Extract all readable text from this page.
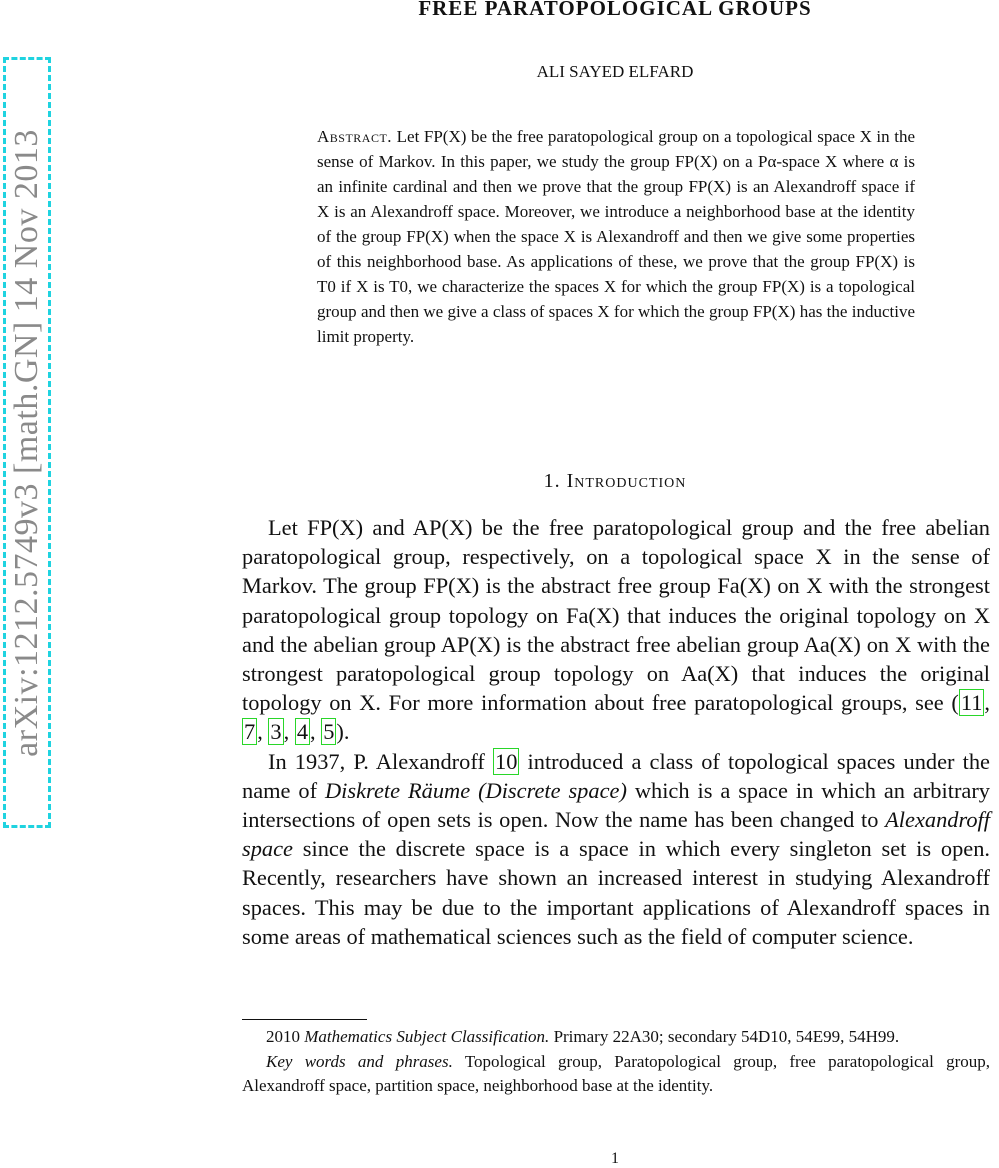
arXiv:1212.5749v3 [math.GN] 14 Nov 2013
FREE PARATOPOLOGICAL GROUPS
ALI SAYED ELFARD
Abstract. Let FP(X) be the free paratopological group on a topological space X in the sense of Markov. In this paper, we study the group FP(X) on a Pα-space X where α is an infinite cardinal and then we prove that the group FP(X) is an Alexandroff space if X is an Alexandroff space. Moreover, we introduce a neighborhood base at the identity of the group FP(X) when the space X is Alexandroff and then we give some properties of this neighborhood base. As applications of these, we prove that the group FP(X) is T0 if X is T0, we characterize the spaces X for which the group FP(X) is a topological group and then we give a class of spaces X for which the group FP(X) has the inductive limit property.
1. Introduction

Let FP(X) and AP(X) be the free paratopological group and the free abelian paratopological group, respectively, on a topological space X in the sense of Markov. The group FP(X) is the abstract free group Fa(X) on X with the strongest paratopological group topology on Fa(X) that induces the original topology on X and the abelian group AP(X) is the abstract free abelian group Aa(X) on X with the strongest paratopological group topology on Aa(X) that induces the original topology on X. For more information about free paratopological groups, see (11, 7, 3, 4, 5).

In 1937, P. Alexandroff 10 introduced a class of topological spaces under the name of Diskrete Räume (Discrete space) which is a space in which an arbitrary intersections of open sets is open. Now the name has been changed to Alexandroff space since the discrete space is a space in which every singleton set is open. Recently, researchers have shown an increased interest in studying Alexandroff spaces. This may be due to the important applications of Alexandroff spaces in some areas of mathematical sciences such as the field of computer science.

2010 Mathematics Subject Classification. Primary 22A30; secondary 54D10, 54E99, 54H99.

Key words and phrases. Topological group, Paratopological group, free paratopological group, Alexandroff space, partition space, neighborhood base at the identity.

1
